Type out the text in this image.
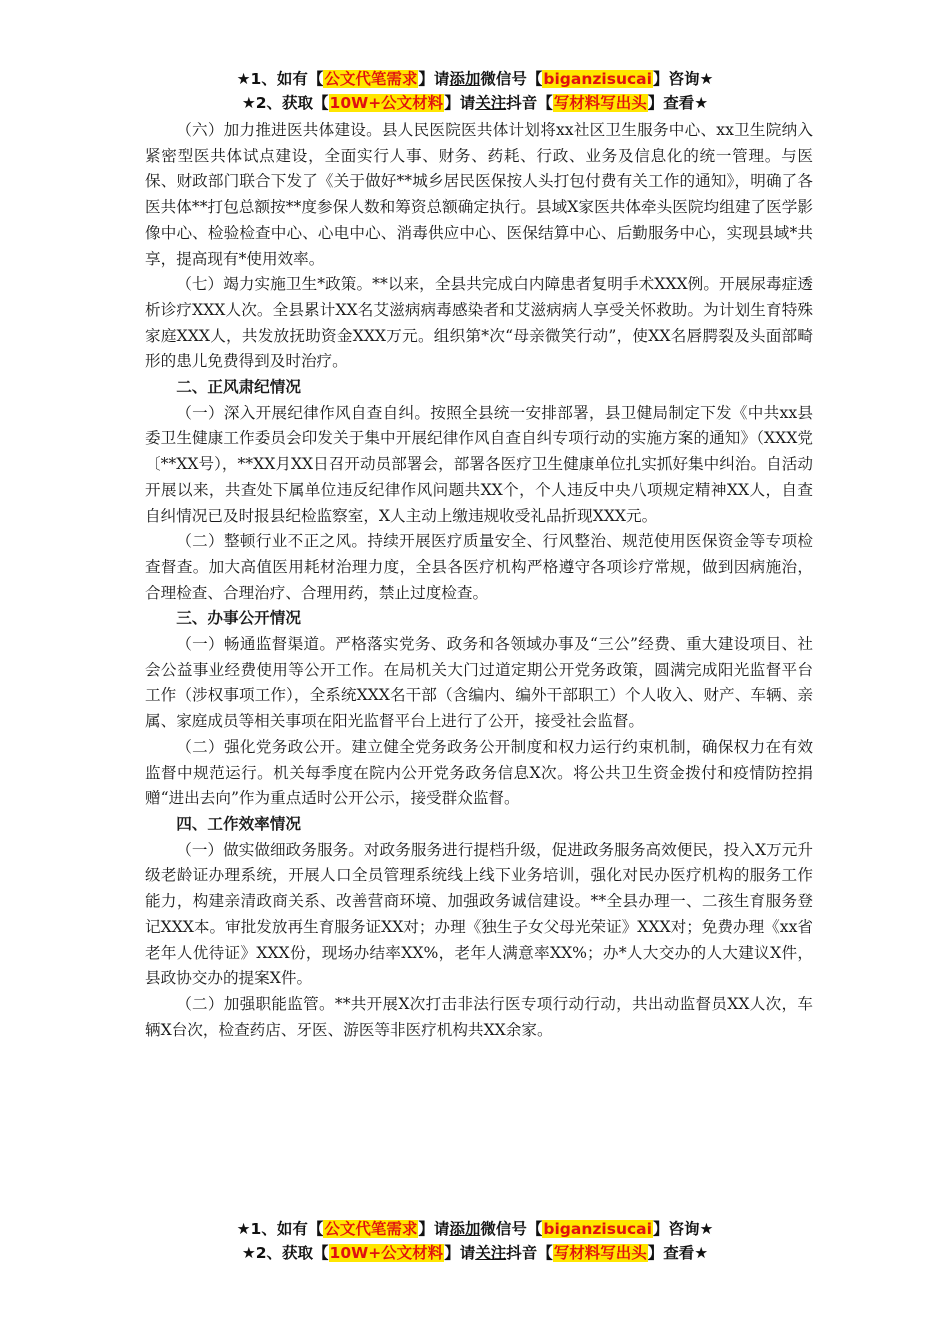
★1、如有【公文代笔需求】请添加微信号【biganzisucai】咨询★
★2、获取【10W+公文材料】请关注抖音【写材料写出头】查看★

（六）加力推进医共体建设。县人民医院医共体计划将xx社区卫生服务中心、xx卫生院纳入紧密型医共体试点建设，全面实行人事、财务、药耗、行政、业务及信息化的统一管理。与医保、财政部门联合下发了《关于做好**城乡居民医保按人头打包付费有关工作的通知》，明确了各医共体**打包总额按**度参保人数和筹资总额确定执行。县域X家医共体牵头医院均组建了医学影像中心、检验检查中心、心电中心、消毒供应中心、医保结算中心、后勤服务中心，实现县域*共享，提高现有*使用效率。

（七）竭力实施卫生*政策。**以来，全县共完成白内障患者复明手术XXX例。开展尿毒症透析诊疗XXX人次。全县累计XX名艾滋病病毒感染者和艾滋病病人享受关怀救助。为计划生育特殊家庭XXX人，共发放抚助资金XXX万元。组织第*次“母亲微笑行动”，使XX名唇腭裂及头面部畸形的患儿免费得到及时治疗。

二、正风肃纪情况

（一）深入开展纪律作风自查自纠。按照全县统一安排部署，县卫健局制定下发《中共xx县委卫生健康工作委员会印发关于集中开展纪律作风自查自纠专项行动的实施方案的通知》（XXX党〔**XX号），**XX月XX日召开动员部署会，部署各医疗卫生健康单位扎实抓好集中纠治。自活动开展以来，共查处下属单位违反纪律作风问题共XX个，个人违反中央八项规定精神XX人，自查自纠情况已及时报县纪检监察室，X人主动上缴违规收受礼品折现XXX元。

（二）整顿行业不正之风。持续开展医疗质量安全、行风整治、规范使用医保资金等专项检查督查。加大高值医用耗材治理力度，全县各医疗机构严格遵守各项诊疗常规，做到因病施治，合理检查、合理治疗、合理用药，禁止过度检查。

三、办事公开情况

（一）畅通监督渠道。严格落实党务、政务和各领域办事及“三公”经费、重大建设项目、社会公益事业经费使用等公开工作。在局机关大门过道定期公开党务政策，圆满完成阳光监督平台工作（涉权事项工作），全系统XXX名干部（含编内、编外干部职工）个人收入、财产、车辆、亲属、家庭成员等相关事项在阳光监督平台上进行了公开，接受社会监督。

（二）强化党务政公开。建立健全党务政务公开制度和权力运行约束机制，确保权力在有效监督中规范运行。机关每季度在院内公开党务政务信息X次。将公共卫生资金拨付和疫情防控捐赠“进出去向”作为重点适时公开公示，接受群众监督。

四、工作效率情况

（一）做实做细政务服务。对政务服务进行提档升级，促进政务服务高效便民，投入X万元升级老龄证办理系统，开展人口全员管理系统线上线下业务培训，强化对民办医疗机构的服务工作能力，构建亲清政商关系、改善营商环境、加强政务诚信建设。**全县办理一、二孩生育服务登记XXX本。审批发放再生育服务证XX对；办理《独生子女父母光荣证》XXX对；免费办理《xx省老年人优待证》XXX份，现场办结率XX%，老年人满意率XX%；办*人大交办的人大建议X件，县政协交办的提案X件。

（二）加强职能监管。**共开展X次打击非法行医专项行动行动，共出动监督员XX人次，车辆X台次，检查药店、牙医、游医等非医疗机构共XX余家。

★1、如有【公文代笔需求】请添加微信号【biganzisucai】咨询★
★2、获取【10W+公文材料】请关注抖音【写材料写出头】查看★
